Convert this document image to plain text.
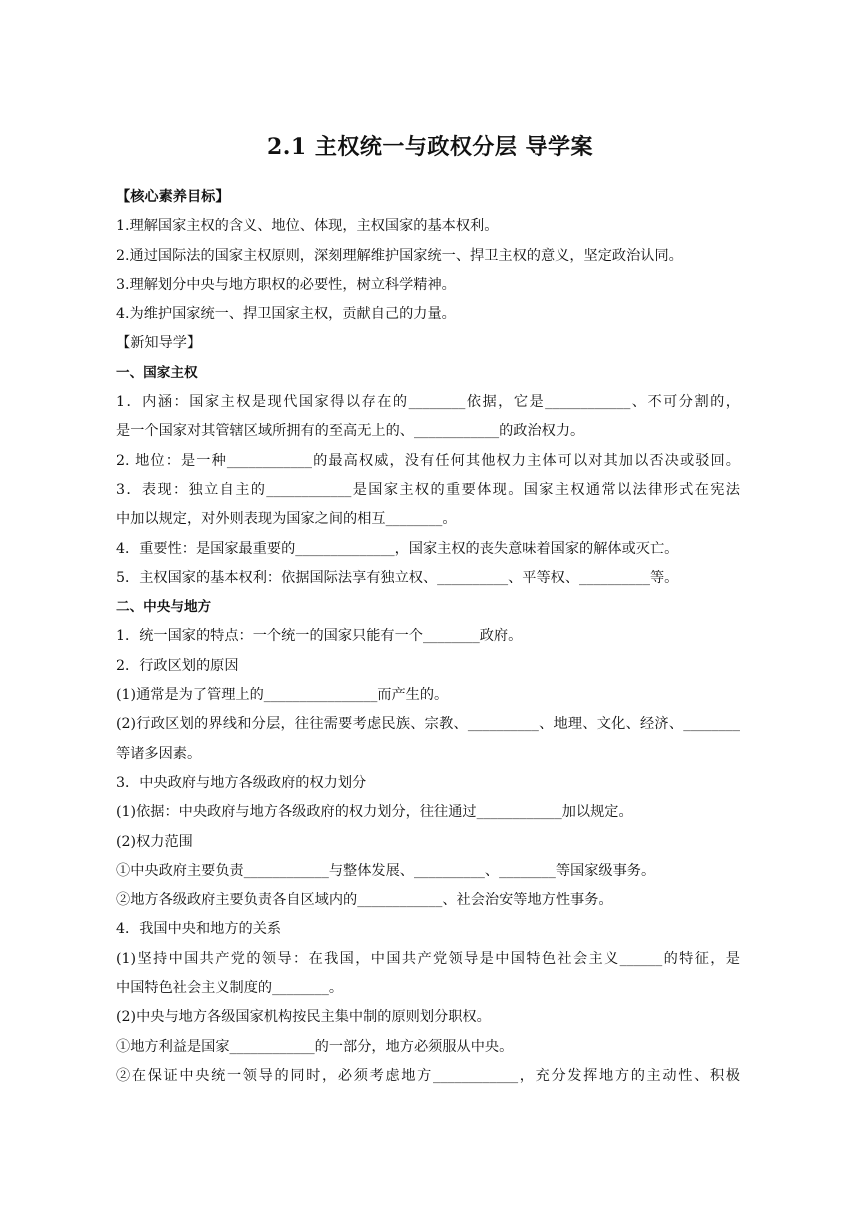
2.1 主权统一与政权分层 导学案
【核心素养目标】
1.理解国家主权的含义、地位、体现，主权国家的基本权利。
2.通过国际法的国家主权原则，深刻理解维护国家统一、捍卫主权的意义，坚定政治认同。
3.理解划分中央与地方职权的必要性，树立科学精神。
4.为维护国家统一、捍卫国家主权，贡献自己的力量。
【新知导学】
一、国家主权
1．内涵：国家主权是现代国家得以存在的________依据，它是____________、不可分割的，
是一个国家对其管辖区域所拥有的至高无上的、____________的政治权力。
2. 地位：是一种____________的最高权威，没有任何其他权力主体可以对其加以否决或驳回。
3．表现：独立自主的____________是国家主权的重要体现。国家主权通常以法律形式在宪法
中加以规定，对外则表现为国家之间的相互________。
4．重要性：是国家最重要的______________，国家主权的丧失意味着国家的解体或灭亡。
5．主权国家的基本权利：依据国际法享有独立权、__________、平等权、__________等。
二、中央与地方
1．统一国家的特点：一个统一的国家只能有一个________政府。
2．行政区划的原因
(1)通常是为了管理上的________________而产生的。
(2)行政区划的界线和分层，往往需要考虑民族、宗教、__________、地理、文化、经济、________
等诸多因素。
3．中央政府与地方各级政府的权力划分
(1)依据：中央政府与地方各级政府的权力划分，往往通过____________加以规定。
(2)权力范围
①中央政府主要负责____________与整体发展、__________、________等国家级事务。
②地方各级政府主要负责各自区域内的____________、社会治安等地方性事务。
4．我国中央和地方的关系
(1)坚持中国共产党的领导：在我国，中国共产党领导是中国特色社会主义______的特征，是
中国特色社会主义制度的________。
(2)中央与地方各级国家机构按民主集中制的原则划分职权。
①地方利益是国家____________的一部分，地方必须服从中央。
②在保证中央统一领导的同时，必须考虑地方____________，充分发挥地方的主动性、积极
